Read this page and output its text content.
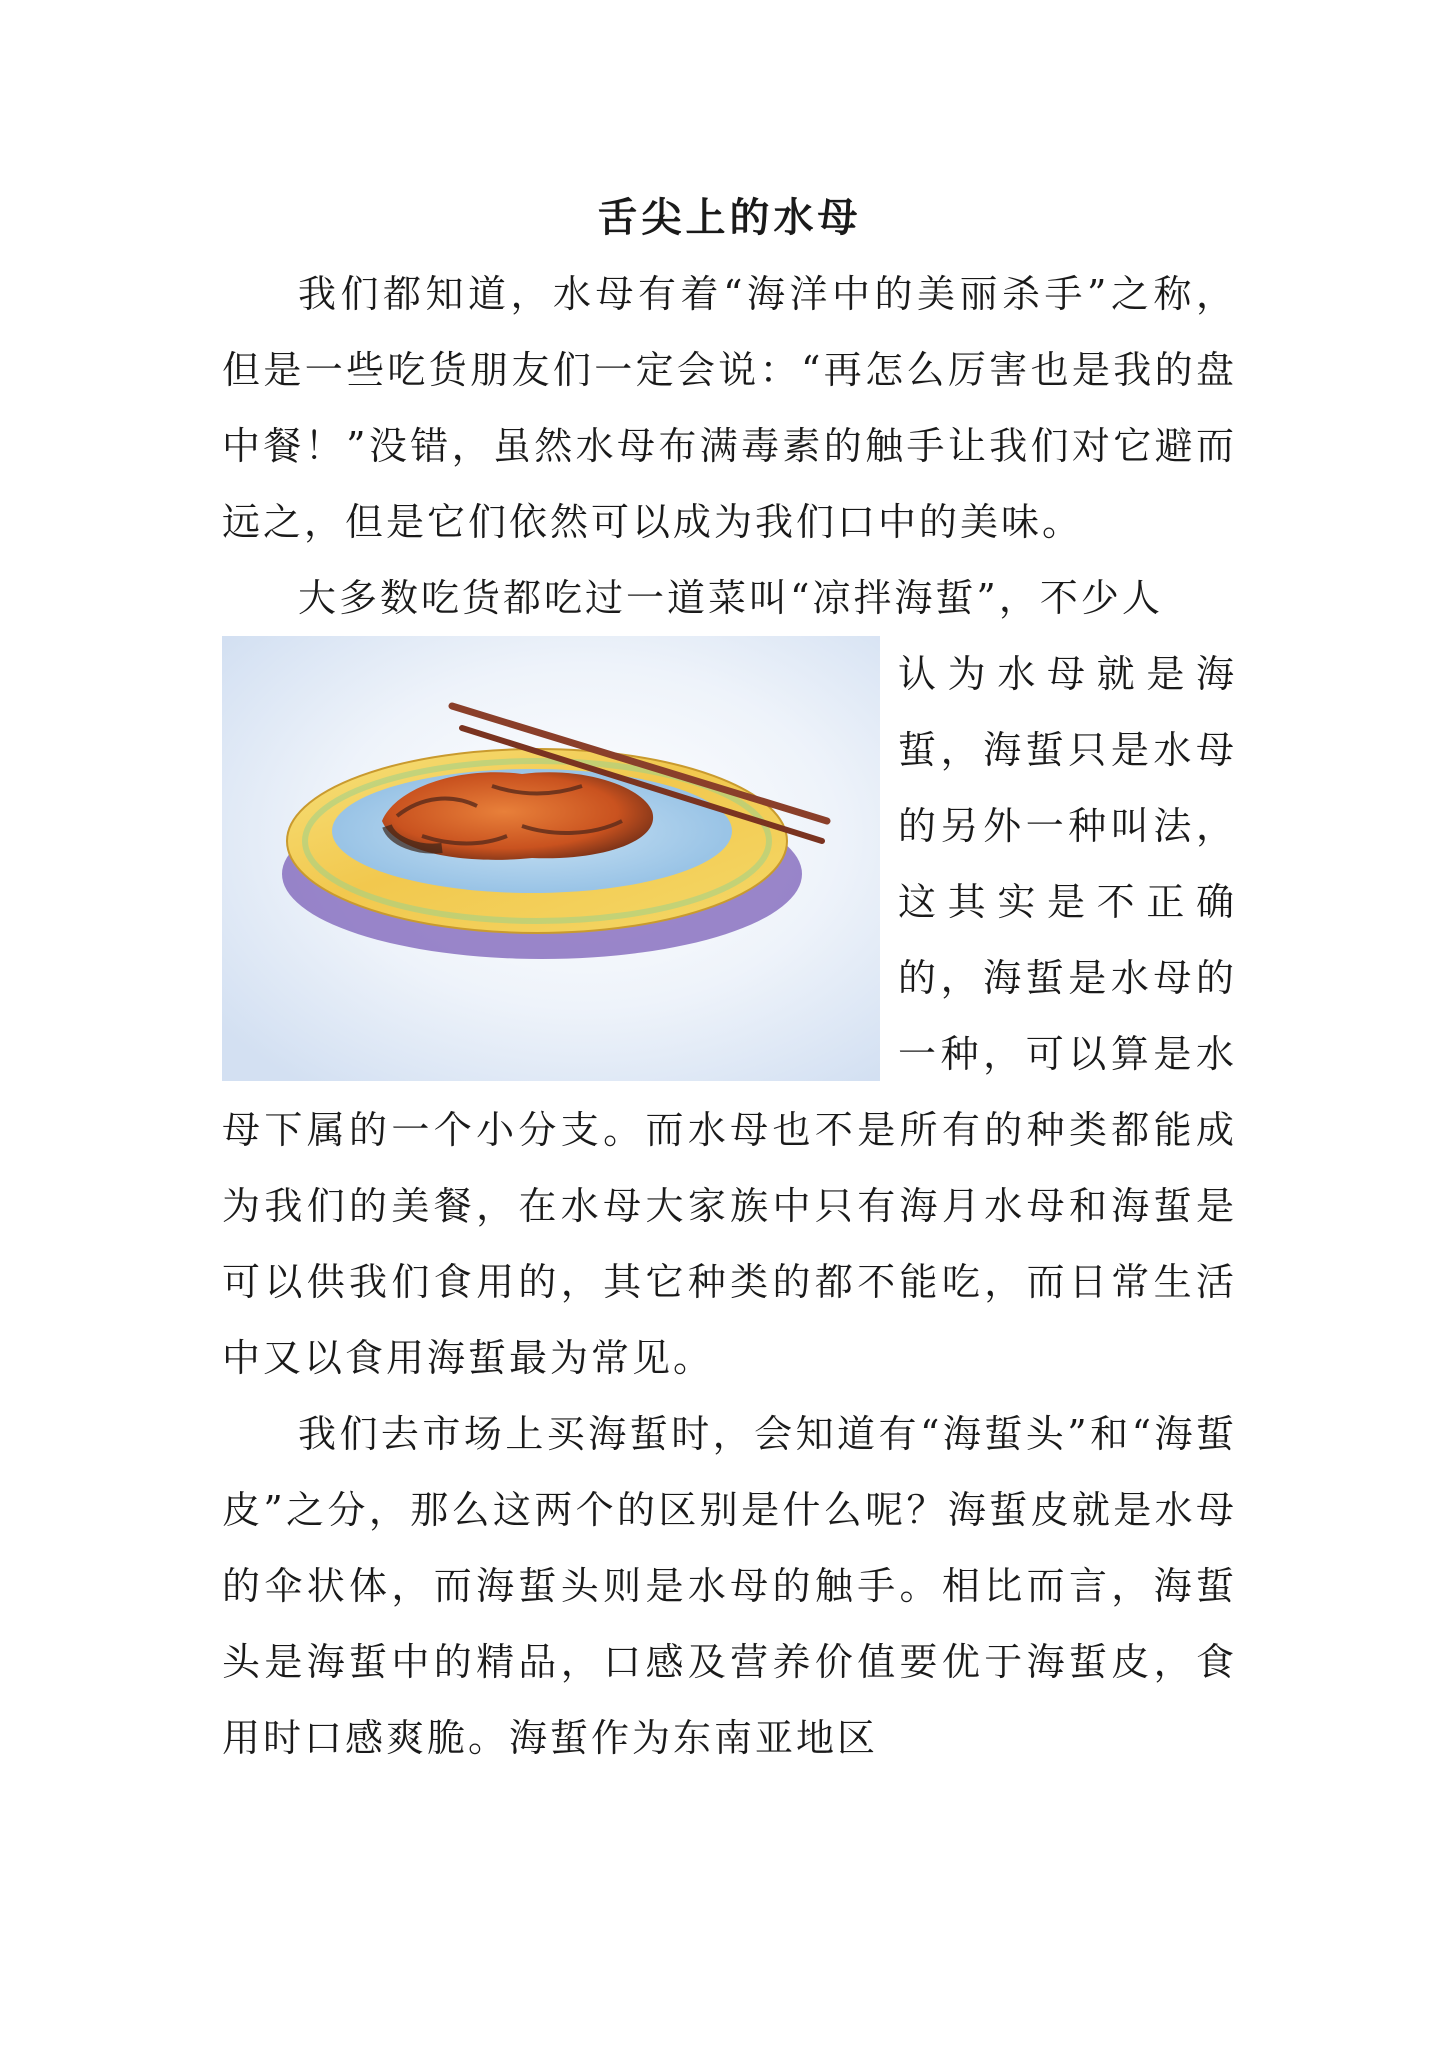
舌尖上的水母

我们都知道，水母有着“海洋中的美丽杀手”之称，但是一些吃货朋友们一定会说：“再怎么厉害也是我的盘中餐！”没错，虽然水母布满毒素的触手让我们对它避而远之，但是它们依然可以成为我们口中的美味。

大多数吃货都吃过一道菜叫“凉拌海蜇”，不少人

认为水母就是海蜇，海蜇只是水母的另外一种叫法，这其实是不正确的，海蜇是水母的一种，可以算是水母下属的一个小分支。而水母也不是所有的种类都能成为我们的美餐，在水母大家族中只有海月水母和海蜇是可以供我们食用的，其它种类的都不能吃，而日常生活中又以食用海蜇最为常见。

我们去市场上买海蜇时，会知道有“海蜇头”和“海蜇皮”之分，那么这两个的区别是什么呢？海蜇皮就是水母的伞状体，而海蜇头则是水母的触手。相比而言，海蜇头是海蜇中的精品，口感及营养价值要优于海蜇皮，食用时口感爽脆。海蜇作为东南亚地区
